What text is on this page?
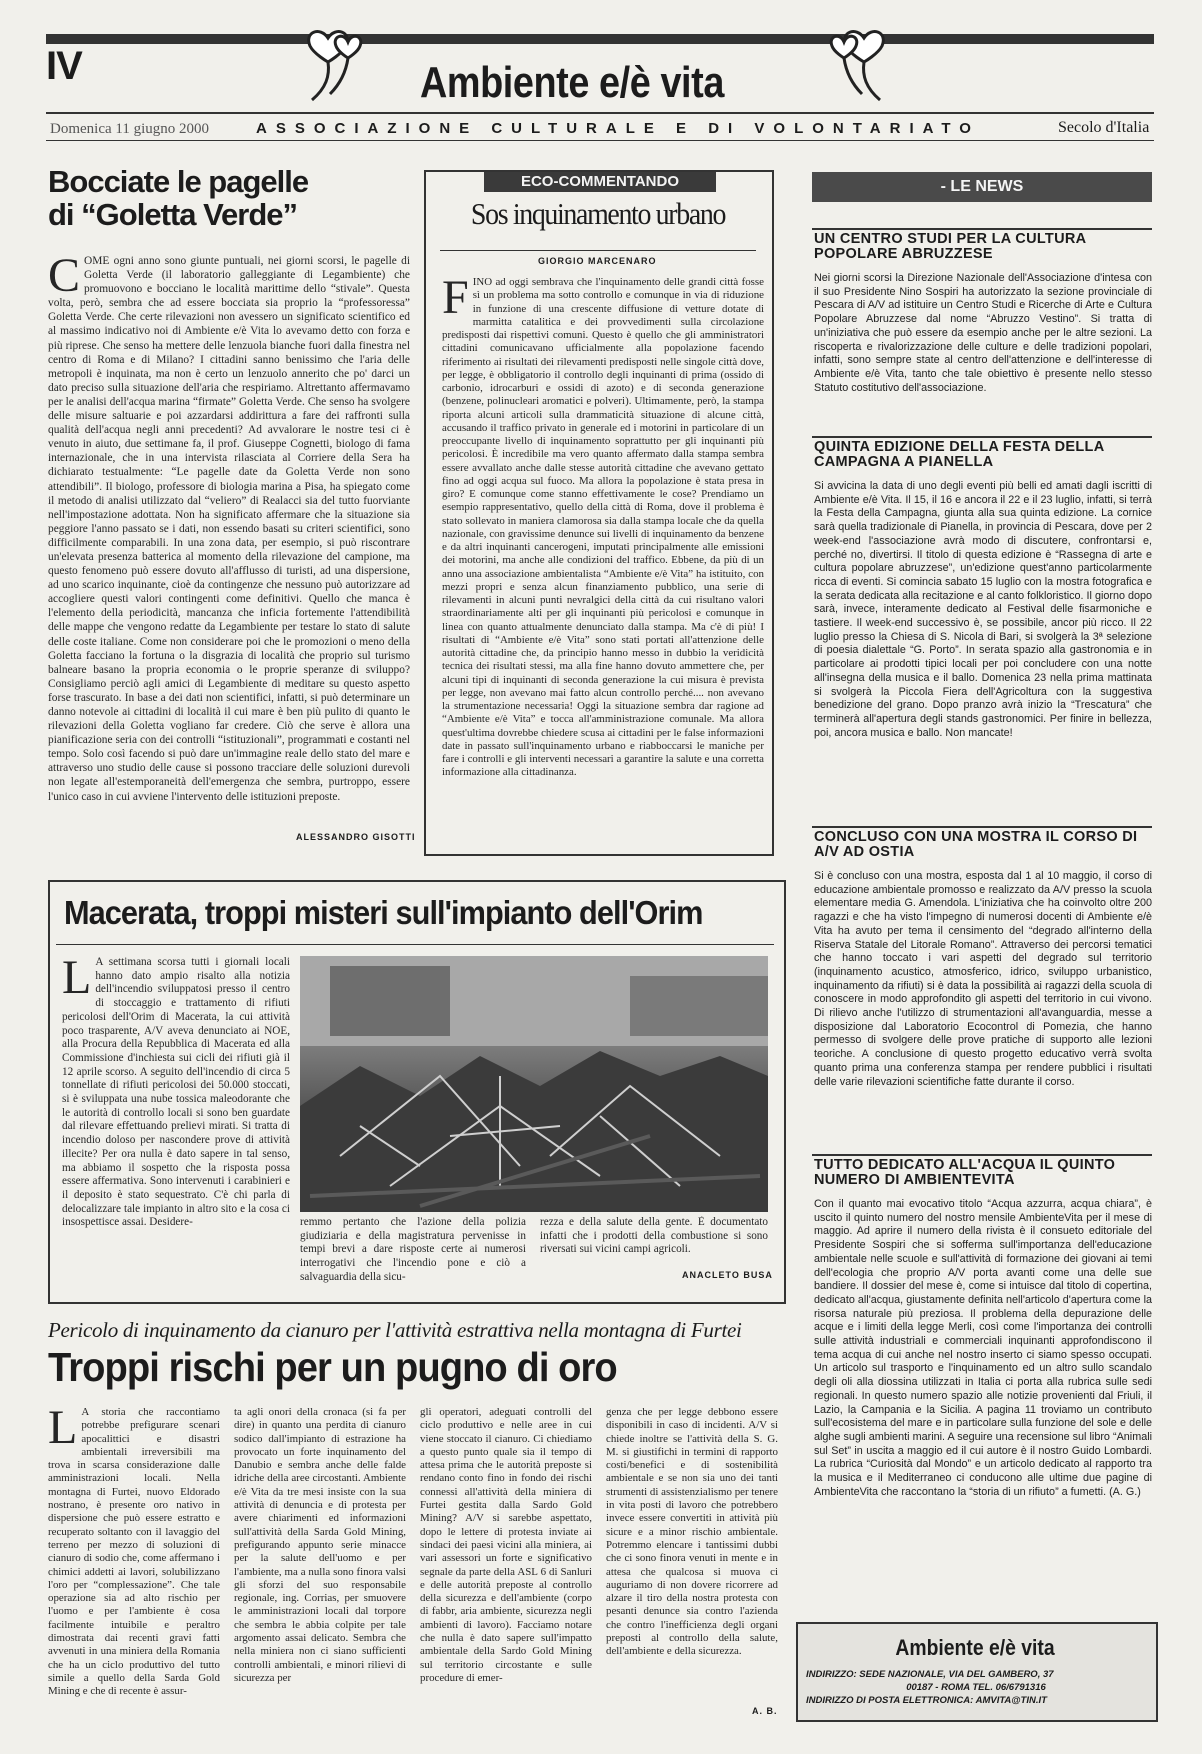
IV	Ambiente e/è vita
Domenica 11 giugno 2000	ASSOCIAZIONE CULTURALE E DI VOLONTARIATO	Secolo d'Italia
Bocciate le pagelle
di “Goletta Verde”
COME ogni anno sono giunte puntuali, nei giorni scorsi, le pagelle di Goletta Verde (il laboratorio galleggiante di Legambiente) che promuovono e bocciano le località marittime dello “stivale”. Questa volta, però, sembra che ad essere bocciata sia proprio la “professoressa” Goletta Verde. Che certe rilevazioni non avessero un significato scientifico ed al massimo indicativo noi di Ambiente e/è Vita lo avevamo detto con forza e più riprese. Che senso ha mettere delle lenzuola bianche fuori dalla finestra nel centro di Roma e di Milano? I cittadini sanno benissimo che l'aria delle metropoli è inquinata, ma non è certo un lenzuolo annerito che po' darci un dato preciso sulla situazione dell'aria che respiriamo. Altrettanto affermavamo per le analisi dell'acqua marina “firmate” Goletta Verde. Che senso ha svolgere delle misure saltuarie e poi azzardarsi addirittura a fare dei raffronti sulla qualità dell'acqua negli anni precedenti? Ad avvalorare le nostre tesi ci è venuto in aiuto, due settimane fa, il prof. Giuseppe Cognetti, biologo di fama internazionale, che in una intervista rilasciata al Corriere della Sera ha dichiarato testualmente: “Le pagelle date da Goletta Verde non sono attendibili”. Il biologo, professore di biologia marina a Pisa, ha spiegato come il metodo di analisi utilizzato dal “veliero” di Realacci sia del tutto fuorviante nell'impostazione adottata. Non ha significato affermare che la situazione sia peggiore l'anno passato se i dati, non essendo basati su criteri scientifici, sono difficilmente comparabili. In una zona data, per esempio, si può riscontrare un'elevata presenza batterica al momento della rilevazione del campione, ma questo fenomeno può essere dovuto all'afflusso di turisti, ad una dispersione, ad uno scarico inquinante, cioè da contingenze che nessuno può autorizzare ad accogliere questi valori contingenti come definitivi. Quello che manca è l'elemento della periodicità, mancanza che inficia fortemente l'attendibilità delle mappe che vengono redatte da Legambiente per testare lo stato di salute delle coste italiane. Come non considerare poi che le promozioni o meno della Goletta facciano la fortuna o la disgrazia di località che proprio sul turismo balneare basano la propria economia o le proprie speranze di sviluppo? Consigliamo perciò agli amici di Legambiente di meditare su questo aspetto forse trascurato. In base a dei dati non scientifici, infatti, si può determinare un danno notevole ai cittadini di località il cui mare è ben più pulito di quanto le rilevazioni della Goletta vogliano far credere. Ciò che serve è allora una pianificazione seria con dei controlli “istituzionali”, programmati e costanti nel tempo. Solo così facendo si può dare un'immagine reale dello stato del mare e attraverso uno studio delle cause si possono tracciare delle soluzioni durevoli non legate all'estemporaneità dell'emergenza che sembra, purtroppo, essere l'unico caso in cui avviene l'intervento delle istituzioni preposte.
ALESSANDRO GISOTTI
ECO-COMMENTANDO
Sos inquinamento urbano
GIORGIO MARCENARO
FINO ad oggi sembrava che l'inquinamento delle grandi città fosse sì un problema ma sotto controllo e comunque in via di riduzione in funzione di una crescente diffusione di vetture dotate di marmitta catalitica e dei provvedimenti sulla circolazione predisposti dai rispettivi comuni. Questo è quello che gli amministratori cittadini comunicavano ufficialmente alla popolazione facendo riferimento ai risultati dei rilevamenti predisposti nelle singole città dove, per legge, è obbligatorio il controllo degli inquinanti di prima (ossido di carbonio, idrocarburi e ossidi di azoto) e di seconda generazione (benzene, polinucleari aromatici e polveri). Ultimamente, però, la stampa riporta alcuni articoli sulla drammaticità situazione di alcune città, accusando il traffico privato in generale ed i motorini in particolare di un preoccupante livello di inquinamento soprattutto per gli inquinanti più pericolosi. È incredibile ma vero quanto affermato dalla stampa sembra essere avvallato anche dalle stesse autorità cittadine che avevano gettato fino ad oggi acqua sul fuoco. Ma allora la popolazione è stata presa in giro? E comunque come stanno effettivamente le cose? Prendiamo un esempio rappresentativo, quello della città di Roma, dove il problema è stato sollevato in maniera clamorosa sia dalla stampa locale che da quella nazionale, con gravissime denunce sui livelli di inquinamento da benzene e da altri inquinanti cancerogeni, imputati principalmente alle emissioni dei motorini, ma anche alle condizioni del traffico. Ebbene, da più di un anno una associazione ambientalista “Ambiente e/è Vita” ha istituito, con mezzi propri e senza alcun finanziamento pubblico, una serie di rilevamenti in alcuni punti nevralgici della città da cui risultano valori straordinariamente alti per gli inquinanti più pericolosi e comunque in linea con quanto attualmente denunciato dalla stampa. Ma c'è di più! I risultati di “Ambiente e/è Vita” sono stati portati all'attenzione delle autorità cittadine che, da principio hanno messo in dubbio la veridicità tecnica dei risultati stessi, ma alla fine hanno dovuto ammettere che, per alcuni tipi di inquinanti di seconda generazione la cui misura è prevista per legge, non avevano mai fatto alcun controllo perché.... non avevano la strumentazione necessaria! Oggi la situazione sembra dar ragione ad “Ambiente e/è Vita” e tocca all'amministrazione comunale. Ma allora quest'ultima dovrebbe chiedere scusa ai cittadini per le false informazioni date in passato sull'inquinamento urbano e riabboccarsi le maniche per fare i controlli e gli interventi necessari a garantire la salute e una corretta informazione alla cittadinanza.
- LE NEWS
UN CENTRO STUDI PER LA CULTURA POPOLARE ABRUZZESE
Nei giorni scorsi la Direzione Nazionale dell'Associazione d'intesa con il suo Presidente Nino Sospiri ha autorizzato la sezione provinciale di Pescara di A/V ad istituire un Centro Studi e Ricerche di Arte e Cultura Popolare Abruzzese dal nome “Abruzzo Vestino”. Si tratta di un'iniziativa che può essere da esempio anche per le altre sezioni. La riscoperta e rivalorizzazione delle culture e delle tradizioni popolari, infatti, sono sempre state al centro dell'attenzione e dell'interesse di Ambiente e/è Vita, tanto che tale obiettivo è presente nello stesso Statuto costitutivo dell'associazione.
QUINTA EDIZIONE DELLA FESTA DELLA CAMPAGNA A PIANELLA
Si avvicina la data di uno degli eventi più belli ed amati dagli iscritti di Ambiente e/è Vita. Il 15, il 16 e ancora il 22 e il 23 luglio, infatti, si terrà la Festa della Campagna, giunta alla sua quinta edizione. La cornice sarà quella tradizionale di Pianella, in provincia di Pescara, dove per 2 week-end l'associazione avrà modo di discutere, confrontarsi e, perché no, divertirsi. Il titolo di questa edizione è “Rassegna di arte e cultura popolare abruzzese”, un'edizione quest'anno particolarmente ricca di eventi. Si comincia sabato 15 luglio con la mostra fotografica e la serata dedicata alla recitazione e al canto folkloristico. Il giorno dopo sarà, invece, interamente dedicato al Festival delle fisarmoniche e tastiere. Il week-end successivo è, se possibile, ancor più ricco. Il 22 luglio presso la Chiesa di S. Nicola di Bari, si svolgerà la 3ª selezione di poesia dialettale “G. Porto”. In serata spazio alla gastronomia e in particolare ai prodotti tipici locali per poi concludere con una notte all'insegna della musica e il ballo. Domenica 23 nella prima mattinata si svolgerà la Piccola Fiera dell'Agricoltura con la suggestiva benedizione del grano. Dopo pranzo avrà inizio la “Trescatura” che terminerà all'apertura degli stands gastronomici. Per finire in bellezza, poi, ancora musica e ballo. Non mancate!
CONCLUSO CON UNA MOSTRA IL CORSO DI A/V AD OSTIA
Si è concluso con una mostra, esposta dal 1 al 10 maggio, il corso di educazione ambientale promosso e realizzato da A/V presso la scuola elementare media G. Amendola. L'iniziativa che ha coinvolto oltre 200 ragazzi e che ha visto l'impegno di numerosi docenti di Ambiente e/è Vita ha avuto per tema il censimento del “degrado all'interno della Riserva Statale del Litorale Romano”. Attraverso dei percorsi tematici che hanno toccato i vari aspetti del degrado sul territorio (inquinamento acustico, atmosferico, idrico, sviluppo urbanistico, inquinamento da rifiuti) si è data la possibilità ai ragazzi della scuola di conoscere in modo approfondito gli aspetti del territorio in cui vivono. Di rilievo anche l'utilizzo di strumentazioni all'avanguardia, messe a disposizione dal Laboratorio Ecocontrol di Pomezia, che hanno permesso di svolgere delle prove pratiche di supporto alle lezioni teoriche. A conclusione di questo progetto educativo verrà svolta quanto prima una conferenza stampa per rendere pubblici i risultati delle varie rilevazioni scientifiche fatte durante il corso.
TUTTO DEDICATO ALL'ACQUA IL QUINTO NUMERO DI AMBIENTEVITA
Con il quanto mai evocativo titolo “Acqua azzurra, acqua chiara”, è uscito il quinto numero del nostro mensile AmbienteVita per il mese di maggio. Ad aprire il numero della rivista è il consueto editoriale del Presidente Sospiri che si sofferma sull'importanza dell'educazione ambientale nelle scuole e sull'attività di formazione dei giovani ai temi dell'ecologia che proprio A/V porta avanti come una delle sue bandiere. Il dossier del mese è, come si intuisce dal titolo di copertina, dedicato all'acqua, giustamente definita nell'articolo d'apertura come la risorsa naturale più preziosa. Il problema della depurazione delle acque e i limiti della legge Merli, così come l'importanza dei controlli sulle attività industriali e commerciali inquinanti approfondiscono il tema acqua di cui anche nel nostro inserto ci siamo spesso occupati. Un articolo sul trasporto e l'inquinamento ed un altro sullo scandalo degli oli alla diossina utilizzati in Italia ci porta alla rubrica sulle sedi regionali. In questo numero spazio alle notizie provenienti dal Friuli, il Lazio, la Campania e la Sicilia. A pagina 11 troviamo un contributo sull'ecosistema del mare e in particolare sulla funzione del sole e delle alghe sugli ambienti marini. A seguire una recensione sul libro “Animali sul Set” in uscita a maggio ed il cui autore è il nostro Guido Lombardi. La rubrica “Curiosità dal Mondo” e un articolo dedicato al rapporto tra la musica e il Mediterraneo ci conducono alle ultime due pagine di AmbienteVita che raccontano la “storia di un rifiuto” a fumetti. (A. G.)
Ambiente e/è vita
INDIRIZZO: SEDE NAZIONALE, VIA DEL GAMBERO, 37
00187 - ROMA TEL. 06/6791316
INDIRIZZO DI POSTA ELETTRONICA: AMVITA@TIN.IT
Macerata, troppi misteri sull'impianto dell'Orim
L A settimana scorsa tutti i giornali locali hanno dato ampio risalto alla notizia dell'incendio sviluppatosi presso il centro di stoccaggio e trattamento di rifiuti pericolosi dell'Orim di Macerata, la cui attività poco trasparente, A/V aveva denunciato ai NOE, alla Procura della Repubblica di Macerata ed alla Commissione d'inchiesta sui cicli dei rifiuti già il 12 aprile scorso. A seguito dell'incendio di circa 5 tonnellate di rifiuti pericolosi dei 50.000 stoccati, si è sviluppata una nube tossica maleodorante che le autorità di controllo locali si sono ben guardate dal rilevare effettuando prelievi mirati. Si tratta di incendio doloso per nascondere prove di attività illecite? Per ora nulla è dato sapere in tal senso, ma abbiamo il sospetto che la risposta possa essere affermativa. Sono intervenuti i carabinieri e il deposito è stato sequestrato. C'è chi parla di delocalizzare tale impianto in altro sito e la cosa ci insospettisce assai. Desidere-	remmo pertanto che l'azione della polizia giudiziaria e della magistratura pervenisse in tempi brevi a dare risposte certe ai numerosi interrogativi che l'incendio pone e ciò a salvaguardia della sicu-
rezza e della salute della gente. È documentato infatti che i prodotti della combustione si sono riversati sui vicini campi agricoli.
ANACLETO BUSA
Pericolo di inquinamento da cianuro per l'attività estrattiva nella montagna di Furtei
Troppi rischi per un pugno di oro
L A storia che raccontiamo potrebbe prefigurare scenari apocalittici e disastri ambientali irreversibili ma trova in scarsa considerazione dalle amministrazioni locali. Nella montagna di Furtei, nuovo Eldorado nostrano, è presente oro nativo in dispersione che può essere estratto e recuperato soltanto con il lavaggio del terreno per mezzo di soluzioni di cianuro di sodio che, come affermano i chimici addetti ai lavori, solubilizzano l'oro per “complessazione”. Che tale operazione sia ad alto rischio per l'uomo e per l'ambiente è cosa facilmente intuibile e peraltro dimostrata dai recenti gravi fatti avvenuti in una miniera della Romania che ha un ciclo produttivo del tutto simile a quello della Sarda Gold Mining e che di recente è assur-
ta agli onori della cronaca (si fa per dire) in quanto una perdita di cianuro sodico dall'impianto di estrazione ha provocato un forte inquinamento del Danubio e sembra anche delle falde idriche della aree circostanti. Ambiente e/è Vita da tre mesi insiste con la sua attività di denuncia e di protesta per avere chiarimenti ed informazioni sull'attività della Sarda Gold Mining, prefigurando appunto serie minacce per la salute dell'uomo e per l'ambiente, ma a nulla sono finora valsi gli sforzi del suo responsabile regionale, ing. Corrias, per smuovere le amministrazioni locali dal torpore che sembra le abbia colpite per tale argomento assai delicato. Sembra che nella miniera non ci siano sufficienti controlli ambientali, e minori rilievi di sicurezza per
gli operatori, adeguati controlli del ciclo produttivo e nelle aree in cui viene stoccato il cianuro. Ci chiediamo a questo punto quale sia il tempo di attesa prima che le autorità preposte si rendano conto fino in fondo dei rischi connessi all'attività della miniera di Furtei gestita dalla Sardo Gold Mining? A/V si sarebbe aspettato, dopo le lettere di protesta inviate ai sindaci dei paesi vicini alla miniera, ai vari assessori un forte e significativo segnale da parte della ASL 6 di Sanluri e delle autorità preposte al controllo della sicurezza e dell'ambiente (corpo di fabbr, aria ambiente, sicurezza negli ambienti di lavoro). Facciamo notare che nulla è dato sapere sull'impatto ambientale della Sardo Gold Mining sul territorio circostante e sulle procedure di emer-
genza che per legge debbono essere disponibili in caso di incidenti. A/V si chiede inoltre se l'attività della S. G. M. si giustifichi in termini di rapporto costi/benefici e di sostenibilità ambientale e se non sia uno dei tanti strumenti di assistenzialismo per tenere in vita posti di lavoro che potrebbero invece essere convertiti in attività più sicure e a minor rischio ambientale. Potremmo elencare i tantissimi dubbi che ci sono finora venuti in mente e in attesa che qualcosa si muova ci auguriamo di non dovere ricorrere ad alzare il tiro della nostra protesta con pesanti denunce sia contro l'azienda che contro l'inefficienza degli organi preposti al controllo della salute, dell'ambiente e della sicurezza.
A. B.
